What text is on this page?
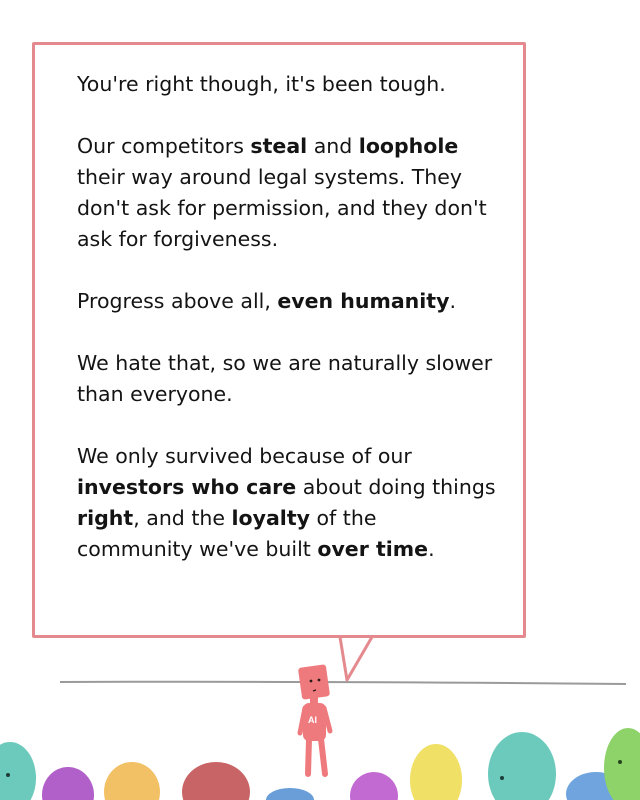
You're right though, it's been tough.

Our competitors steal and loophole their way around legal systems. They don't ask for permission, and they don't ask for forgiveness.

Progress above all, even humanity.

We hate that, so we are naturally slower than everyone.

We only survived because of our investors who care about doing things right, and the loyalty of the community we've built over time.

AI
